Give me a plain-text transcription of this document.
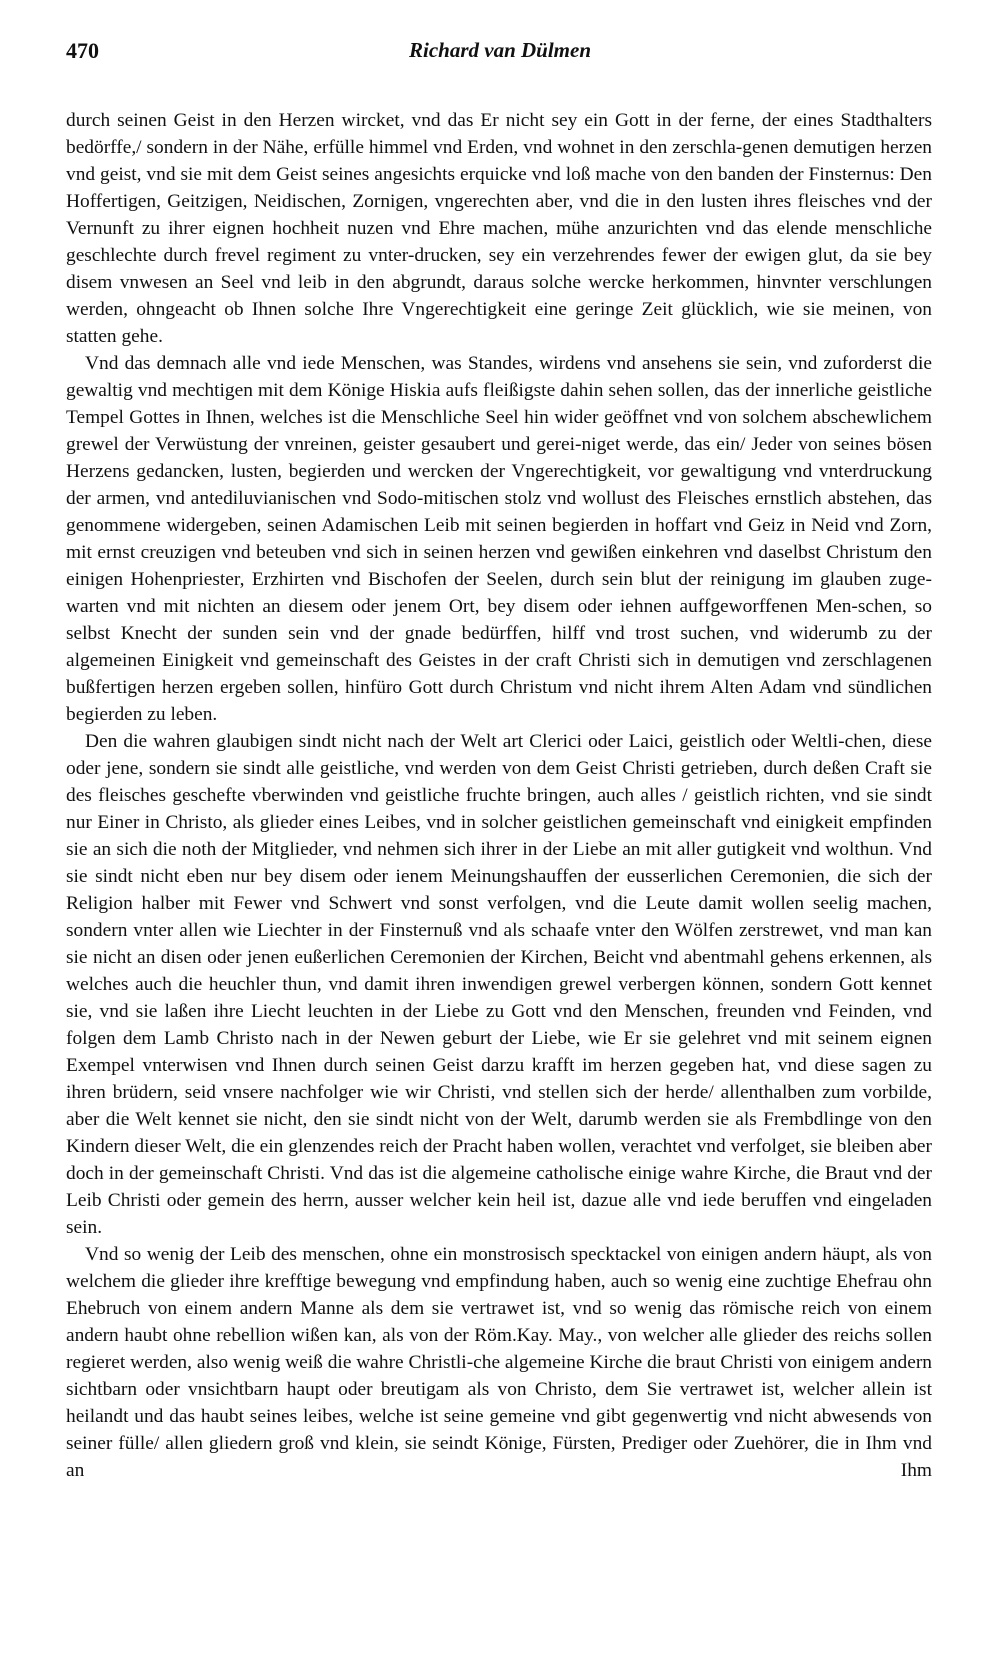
470	Richard van Dülmen

durch seinen Geist in den Herzen wircket, vnd das Er nicht sey ein Gott in der ferne, der eines Stadthalters bedörffe,/ sondern in der Nähe, erfülle himmel vnd Erden, vnd wohnet in den zerschla-genen demutigen herzen vnd geist, vnd sie mit dem Geist seines angesichts erquicke vnd loß mache von den banden der Finsternus: Den Hoffertigen, Geitzigen, Neidischen, Zornigen, vngerechten aber, vnd die in den lusten ihres fleisches vnd der Vernunft zu ihrer eignen hochheit nuzen vnd Ehre machen, mühe anzurichten vnd das elende menschliche geschlechte durch frevel regiment zu vnter-drucken, sey ein verzehrendes fewer der ewigen glut, da sie bey disem vnwesen an Seel vnd leib in den abgrundt, daraus solche wercke herkommen, hinvnter verschlungen werden, ohngeacht ob Ihnen solche Ihre Vngerechtigkeit eine geringe Zeit glücklich, wie sie meinen, von statten gehe.

Vnd das demnach alle vnd iede Menschen, was Standes, wirdens vnd ansehens sie sein, vnd zuforderst die gewaltig vnd mechtigen mit dem Könige Hiskia aufs fleißigste dahin sehen sollen, das der innerliche geistliche Tempel Gottes in Ihnen, welches ist die Menschliche Seel hin wider geöffnet vnd von solchem abschewlichem grewel der Verwüstung der vnreinen, geister gesaubert und gerei-niget werde, das ein/ Jeder von seines bösen Herzens gedancken, lusten, begierden und wercken der Vngerechtigkeit, vor gewaltigung vnd vnterdruckung der armen, vnd antediluvianischen vnd Sodo-mitischen stolz vnd wollust des Fleisches ernstlich abstehen, das genommene widergeben, seinen Adamischen Leib mit seinen begierden in hoffart vnd Geiz in Neid vnd Zorn, mit ernst creuzigen vnd beteuben vnd sich in seinen herzen vnd gewißen einkehren vnd daselbst Christum den einigen Hohenpriester, Erzhirten vnd Bischofen der Seelen, durch sein blut der reinigung im glauben zuge-warten vnd mit nichten an diesem oder jenem Ort, bey disem oder iehnen auffgeworffenen Men-schen, so selbst Knecht der sunden sein vnd der gnade bedürffen, hilff vnd trost suchen, vnd widerumb zu der algemeinen Einigkeit vnd gemeinschaft des Geistes in der craft Christi sich in demutigen vnd zerschlagenen bußfertigen herzen ergeben sollen, hinfüro Gott durch Christum vnd nicht ihrem Alten Adam vnd sündlichen begierden zu leben.

Den die wahren glaubigen sindt nicht nach der Welt art Clerici oder Laici, geistlich oder Weltli-chen, diese oder jene, sondern sie sindt alle geistliche, vnd werden von dem Geist Christi getrieben, durch deßen Craft sie des fleisches geschefte vberwinden vnd geistliche fruchte bringen, auch alles / geistlich richten, vnd sie sindt nur Einer in Christo, als glieder eines Leibes, vnd in solcher geistlichen gemeinschaft vnd einigkeit empfinden sie an sich die noth der Mitglieder, vnd nehmen sich ihrer in der Liebe an mit aller gutigkeit vnd wolthun. Vnd sie sindt nicht eben nur bey disem oder ienem Meinungshauffen der eusserlichen Ceremonien, die sich der Religion halber mit Fewer vnd Schwert vnd sonst verfolgen, vnd die Leute damit wollen seelig machen, sondern vnter allen wie Liechter in der Finsternuß vnd als schaafe vnter den Wölfen zerstrewet, vnd man kan sie nicht an disen oder jenen eußerlichen Ceremonien der Kirchen, Beicht vnd abentmahl gehens erkennen, als welches auch die heuchler thun, vnd damit ihren inwendigen grewel verbergen können, sondern Gott kennet sie, vnd sie laßen ihre Liecht leuchten in der Liebe zu Gott vnd den Menschen, freunden vnd Feinden, vnd folgen dem Lamb Christo nach in der Newen geburt der Liebe, wie Er sie gelehret vnd mit seinem eignen Exempel vnterwisen vnd Ihnen durch seinen Geist darzu krafft im herzen gegeben hat, vnd diese sagen zu ihren brüdern, seid vnsere nachfolger wie wir Christi, vnd stellen sich der herde/ allenthalben zum vorbilde, aber die Welt kennet sie nicht, den sie sindt nicht von der Welt, darumb werden sie als Frembdlinge von den Kindern dieser Welt, die ein glenzendes reich der Pracht haben wollen, verachtet vnd verfolget, sie bleiben aber doch in der gemeinschaft Christi. Vnd das ist die algemeine catholische einige wahre Kirche, die Braut vnd der Leib Christi oder gemein des herrn, ausser welcher kein heil ist, dazue alle vnd iede beruffen vnd eingeladen sein.

Vnd so wenig der Leib des menschen, ohne ein monstrosisch specktackel von einigen andern häupt, als von welchem die glieder ihre krefftige bewegung vnd empfindung haben, auch so wenig eine zuchtige Ehefrau ohn Ehebruch von einem andern Manne als dem sie vertrawet ist, vnd so wenig das römische reich von einem andern haubt ohne rebellion wißen kan, als von der Röm.Kay. May., von welcher alle glieder des reichs sollen regieret werden, also wenig weiß die wahre Christli-che algemeine Kirche die braut Christi von einigem andern sichtbarn oder vnsichtbarn haupt oder breutigam als von Christo, dem Sie vertrawet ist, welcher allein ist heilandt und das haubt seines leibes, welche ist seine gemeine vnd gibt gegenwertig vnd nicht abwesends von seiner fülle/ allen gliedern groß vnd klein, sie seindt Könige, Fürsten, Prediger oder Zuehörer, die in Ihm vnd an Ihm
